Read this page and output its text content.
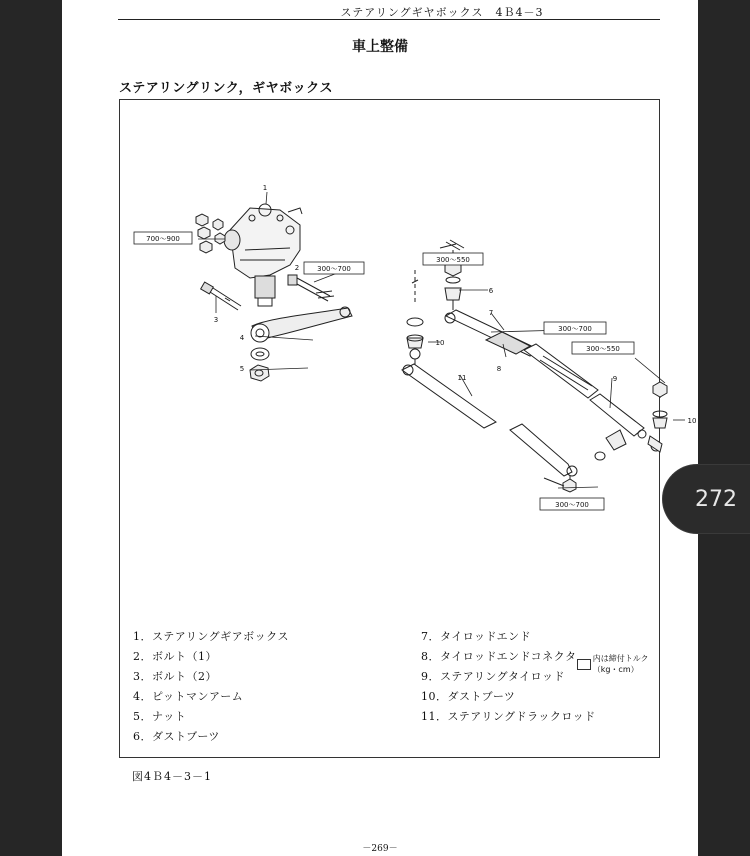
ステアリングギヤボックス　4Ｂ4－3
車上整備
ステアリングリンク，ギヤボックス
700～900
300～700
300～550
300～700
300～550
300～700
1
2
3
4
5
6
7
8
9
10
10
11
内は締付トルク（kg・cm）
1．ステアリングギアボックス
2．ボルト（1）
3．ボルト（2）
4．ピットマンアーム
5．ナット
6．ダストブーツ
7．タイロッドエンド
8．タイロッドエンドコネクタ
9．ステアリングタイロッド
10．ダストブーツ
11．ステアリングドラックロッド
図4Ｂ4－3－1
－269－
272
